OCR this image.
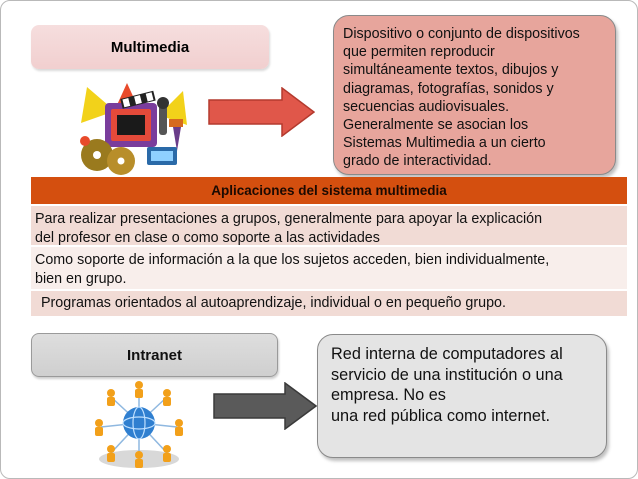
Multimedia
Dispositivo o conjunto de dispositivos
que permiten reproducir
simultáneamente textos, dibujos y
diagramas, fotografías, sonidos y
secuencias audiovisuales.
Generalmente se asocian los
Sistemas Multimedia a un cierto
grado de interactividad.
Aplicaciones del sistema multimedia
Para realizar presentaciones a grupos, generalmente para apoyar la explicación
del profesor en clase o como soporte a las actividades
Como soporte de información a la que los sujetos acceden, bien individualmente,
bien en grupo.
Programas orientados al autoaprendizaje, individual o en pequeño grupo.
Intranet	Red interna de computadores al
servicio de una institución o una
empresa. No es
una red pública como internet.
